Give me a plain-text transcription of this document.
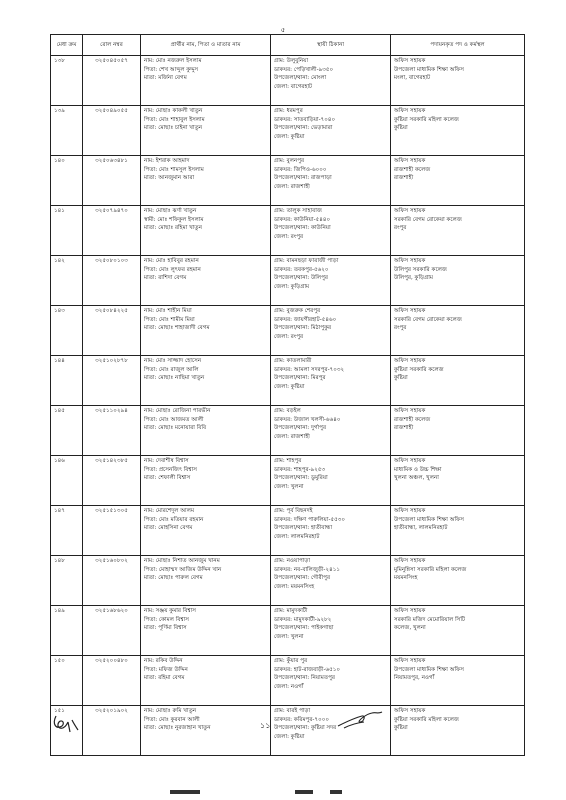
৫
মেধা ক্রম	রোল নম্বর	প্রার্থীর নাম, পিতা ও মাতার নাম	স্থায়ী ঠিকানা	পদায়নকৃত পদ ও কর্মস্থল
১৩৮	৩২৫০৪৫০৫৭	নাম: মোঃ নজরুল ইসলাম
পিতা: শেখ আব্দুল কুদ্দুস
মাতা: মর্জিনা বেগম	গ্রাম: উলুবুনিয়া
ডাকঘর: পেড়িখালী-৯৩৫০
উপজেলা/থানা: মোংলা
জেলা: বাগেরহাট	অফিস সহায়ক
উপজেলা মাধ্যমিক শিক্ষা অফিস
মংলা, বাগেরহাট

১৩৯	৩২৫০৪৯০৫৫	নাম: মোছাঃ কাকলী খাতুন
পিতা: মোঃ শাহাবুল ইসলাম
মাতা: মোছাঃ চাইনা খাতুন	গ্রাম: ধরমপুর
ডাকঘর: সাতবাড়িয়া-৭০৪০
উপজেলা/থানা: ভেড়ামারা
জেলা: কুষ্টিয়া	অফিস সহায়ক
কুষ্টিয়া সরকারি মহিলা কলেজ
কুষ্টিয়া

১৪০	৩২৫০৬৩৪৮১	নাম: ইশরাক আহমাদ
পিতা: মোঃ শামসুল ইসলাম
মাতা: আনজুমান আরা	গ্রাম: বুলনপুর
ডাকঘর: জিপিও-৬০০০
উপজেলা/থানা: রাজপাড়া
জেলা: রাজশাহী	অফিস সহায়ক
রাজশাহী কলেজ
রাজশাহী

১৪১	৩২৫০৭৯৪৭০	নাম: মোছাঃ ঝর্ণা খাতুন
স্বামী: মোঃ শফিকুল ইসলাম
মাতা: মোছাঃ রহিমা খাতুন	গ্রাম: তালুক সাহাবাজ
ডাকঘর: কাউনিয়া-৫৪৪০
উপজেলা/থানা: কাউনিয়া
জেলা: রংপুর	অফিস সহায়ক
সরকারি বেগম রোকেয়া কলেজ
রংপুর

১৪২	৩২৫০৮০১০৩	নাম: মোঃ হাবিবুর রহমান
পিতা: মোঃ লুৎফর রহমান
মাতা: রাশিদা বেগম	গ্রাম: বামনছড়া ফারাজী পাড়া
ডাকঘর: তবকপুর-৫৬২০
উপজেলা/থানা: উলিপুর
জেলা: কুড়িগ্রাম	অফিস সহায়ক
উলিপুর সরকারি কলেজ
উলিপুর, কুড়িগ্রাম

১৪৩	৩২৫০৮৪২২৫	নাম: মোঃ শাহীন মিয়া
পিতা: মোঃ শামীম মিয়া
মাতা: মোছাঃ শাহাজাদী বেগম	গ্রাম: বুজরুক শেরপুর
ডাকঘর: জায়গীরহাট-৫৪৬০
উপজেলা/থানা: মিঠাপুকুর
জেলা: রংপুর	অফিস সহায়ক
সরকারি বেগম রোকেয়া কলেজ
রংপুর

১৪৪	৩২৫১০২৮৭৮	নাম: মোঃ সাজ্জাদ হোসেন
পিতা: মোঃ রাজুল আলি
মাতা: মোছাঃ নাছিমা খাতুন	গ্রাম: কাতলামারী
ডাকঘর: আমলা সদরপুর-৭০৩২
উপজেলা/থানা: মিরপুর
জেলা: কুষ্টিয়া	অফিস সহায়ক
কুষ্টিয়া সরকারি কলেজ
কুষ্টিয়া

১৪৫	৩২৫১১০২৯৪	নাম: মোছাঃ রোজিনা পারভীন
পিতা: মোঃ আজমত আলী
মাতা: মোছাঃ মনোয়ারা বিবি	গ্রাম: বড়ইল
ডাকঘর: উজাল খলসী-৬৬৪০
উপজেলা/থানা: দুর্গাপুর
জেলা: রাজশাহী	অফিস সহায়ক
রাজশাহী কলেজ
রাজশাহী

১৪৬	৩২৫১৪২৩৮৫	নাম: দেবাশীষ বিশ্বাস
পিতা: প্রসেনজিৎ বিশ্বাস
মাতা: শেফালী বিশ্বাস	গ্রাম: শাহপুর
ডাকঘর: শাহপুর-৯২৫৩
উপজেলা/থানা: ডুমুরিয়া
জেলা: খুলনা	অফিস সহায়ক
মাধ্যমিক ও উচ্চ শিক্ষা
খুলনা অঞ্চল, খুলনা

১৪৭	৩২৫১৫১৩০৫	নাম: মোরশেদুল আলম
পিতা: মোঃ মতিয়ার রহমান
মাতা: মোহসিনা বেগম	গ্রাম: পূর্ব বিছনদই
ডাকঘর: দক্ষিণ পারুলিয়া-৫৫৩০
উপজেলা/থানা: হাতীবান্ধা
জেলা: লালমনিরহাট	অফিস সহায়ক
উপজেলা মাধ্যমিক শিক্ষা অফিস
হাতীবান্ধা, লালমনিরহাট

১৪৮	৩২৫১৬০৮০২	নাম: মোছাঃ নিশাত আনজুম খানম
পিতা: মোহাম্মদ আজিম উদ্দিন খান
মাতা: মোছাঃ পারুল বেগম	গ্রাম: নওয়াপাড়া
ডাকঘর: নব-বালিজুড়ী-২৪১১
উপজেলা/থানা: গৌরীপুর
জেলা: ময়মনসিংহ	অফিস সহায়ক
মুমিনুন্নিসা সরকারি মহিলা কলেজ
ময়মনসিংহ

১৪৯	৩২৫১৬৮৬২০	নাম: সঞ্জয় কুমার বিশ্বাস
পিতা: কোমল বিশ্বাস
মাতা: পূর্ণিমা বিশ্বাস	গ্রাম: মামুদকাটী
ডাকঘর: মামুদকাটী-৯২৮২
উপজেলা/থানা: পাইকগাছা
জেলা: খুলনা	অফিস সহায়ক
সরকারি মজিদ মেমোরিয়াল সিটি
কলেজ, খুলনা

১৫০	৩২৫২০০৪৮০	নাম: রকিব উদ্দিন
পিতা: মফিজ উদ্দিন
মাতা: রহিমা বেগম	গ্রাম: কুঁয়ার পুর
ডাকঘর: হাট-রাজবাড়ী-৬৫১০
উপজেলা/থানা: নিয়ামতপুর
জেলা: নওগাঁ	অফিস সহায়ক
উপজেলা মাধ্যমিক শিক্ষা অফিস
নিয়ামতপুর, নওগাঁ

১৫১	৩২৫২০১৯০২	নাম: মোছাঃ রুমি খাতুন
পিতা: মোঃ কুরবান আলী
মাতা: মোছাঃ নুরজাহান খাতুন	গ্রাম: বারই পাড়া
ডাকঘর: করিমপুর-৭০০০
উপজেলা/থানা: কুষ্টিয়া সদর
জেলা: কুষ্টিয়া	অফিস সহায়ক
কুষ্টিয়া সরকারি মহিলা কলেজ
কুষ্টিয়া
১১
